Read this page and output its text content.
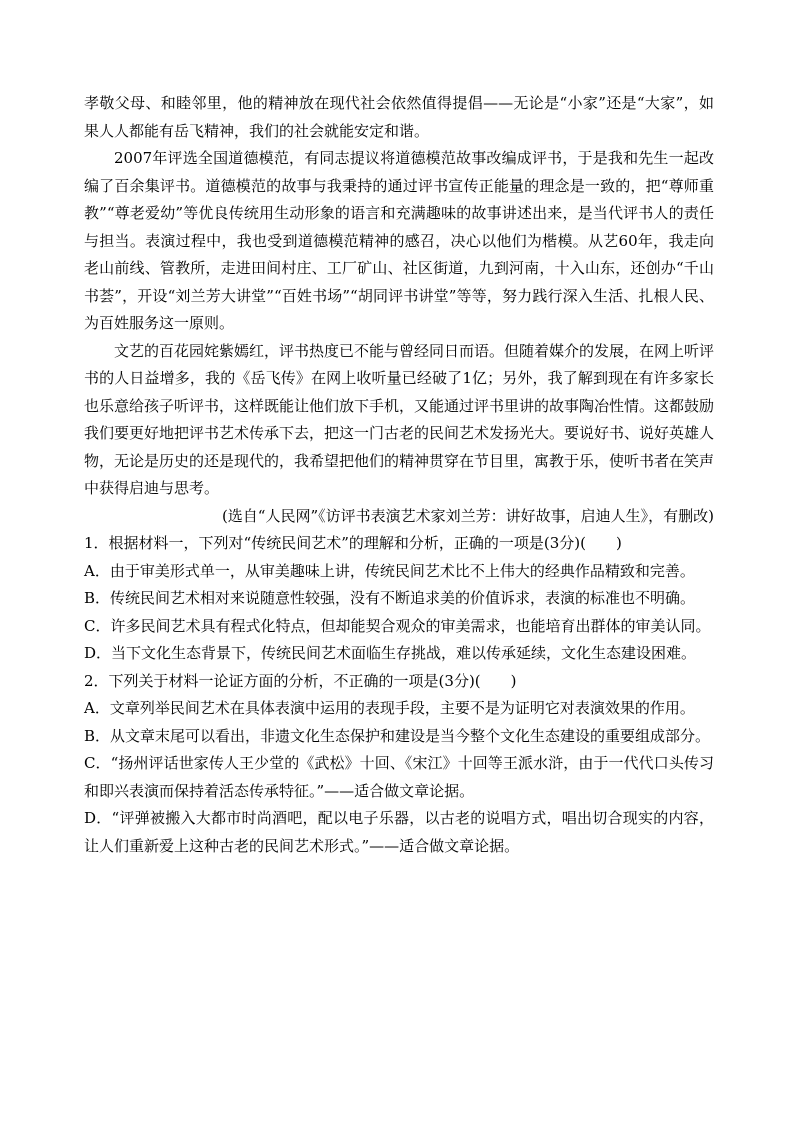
孝敬父母、和睦邻里，他的精神放在现代社会依然值得提倡——无论是“小家”还是“大家”，如果人人都能有岳飞精神，我们的社会就能安定和谐。

2007年评选全国道德模范，有同志提议将道德模范故事改编成评书，于是我和先生一起改编了百余集评书。道德模范的故事与我秉持的通过评书宣传正能量的理念是一致的，把“尊师重教”“尊老爱幼”等优良传统用生动形象的语言和充满趣味的故事讲述出来，是当代评书人的责任与担当。表演过程中，我也受到道德模范精神的感召，决心以他们为楷模。从艺60年，我走向老山前线、管教所，走进田间村庄、工厂矿山、社区街道，九到河南，十入山东，还创办“千山书荟”，开设“刘兰芳大讲堂”“百姓书场”“胡同评书讲堂”等等，努力践行深入生活、扎根人民、为百姓服务这一原则。

文艺的百花园姹紫嫣红，评书热度已不能与曾经同日而语。但随着媒介的发展，在网上听评书的人日益增多，我的《岳飞传》在网上收听量已经破了1亿；另外，我了解到现在有许多家长也乐意给孩子听评书，这样既能让他们放下手机，又能通过评书里讲的故事陶冶性情。这都鼓励我们要更好地把评书艺术传承下去，把这一门古老的民间艺术发扬光大。要说好书、说好英雄人物，无论是历史的还是现代的，我希望把他们的精神贯穿在节目里，寓教于乐，使听书者在笑声中获得启迪与思考。

(选自“人民网”《访评书表演艺术家刘兰芳：讲好故事，启迪人生》，有删改)

1．根据材料一，下列对“传统民间艺术”的理解和分析，正确的一项是(3分)(　　)

A．由于审美形式单一，从审美趣味上讲，传统民间艺术比不上伟大的经典作品精致和完善。

B．传统民间艺术相对来说随意性较强，没有不断追求美的价值诉求，表演的标准也不明确。

C．许多民间艺术具有程式化特点，但却能契合观众的审美需求，也能培育出群体的审美认同。

D．当下文化生态背景下，传统民间艺术面临生存挑战，难以传承延续，文化生态建设困难。

2．下列关于材料一论证方面的分析，不正确的一项是(3分)(　　)

A．文章列举民间艺术在具体表演中运用的表现手段，主要不是为证明它对表演效果的作用。

B．从文章末尾可以看出，非遗文化生态保护和建设是当今整个文化生态建设的重要组成部分。

C．“扬州评话世家传人王少堂的《武松》十回、《宋江》十回等王派水浒，由于一代代口头传习和即兴表演而保持着活态传承特征。”——适合做文章论据。

D．“评弹被搬入大都市时尚酒吧，配以电子乐器，以古老的说唱方式，唱出切合现实的内容，让人们重新爱上这种古老的民间艺术形式。”——适合做文章论据。
